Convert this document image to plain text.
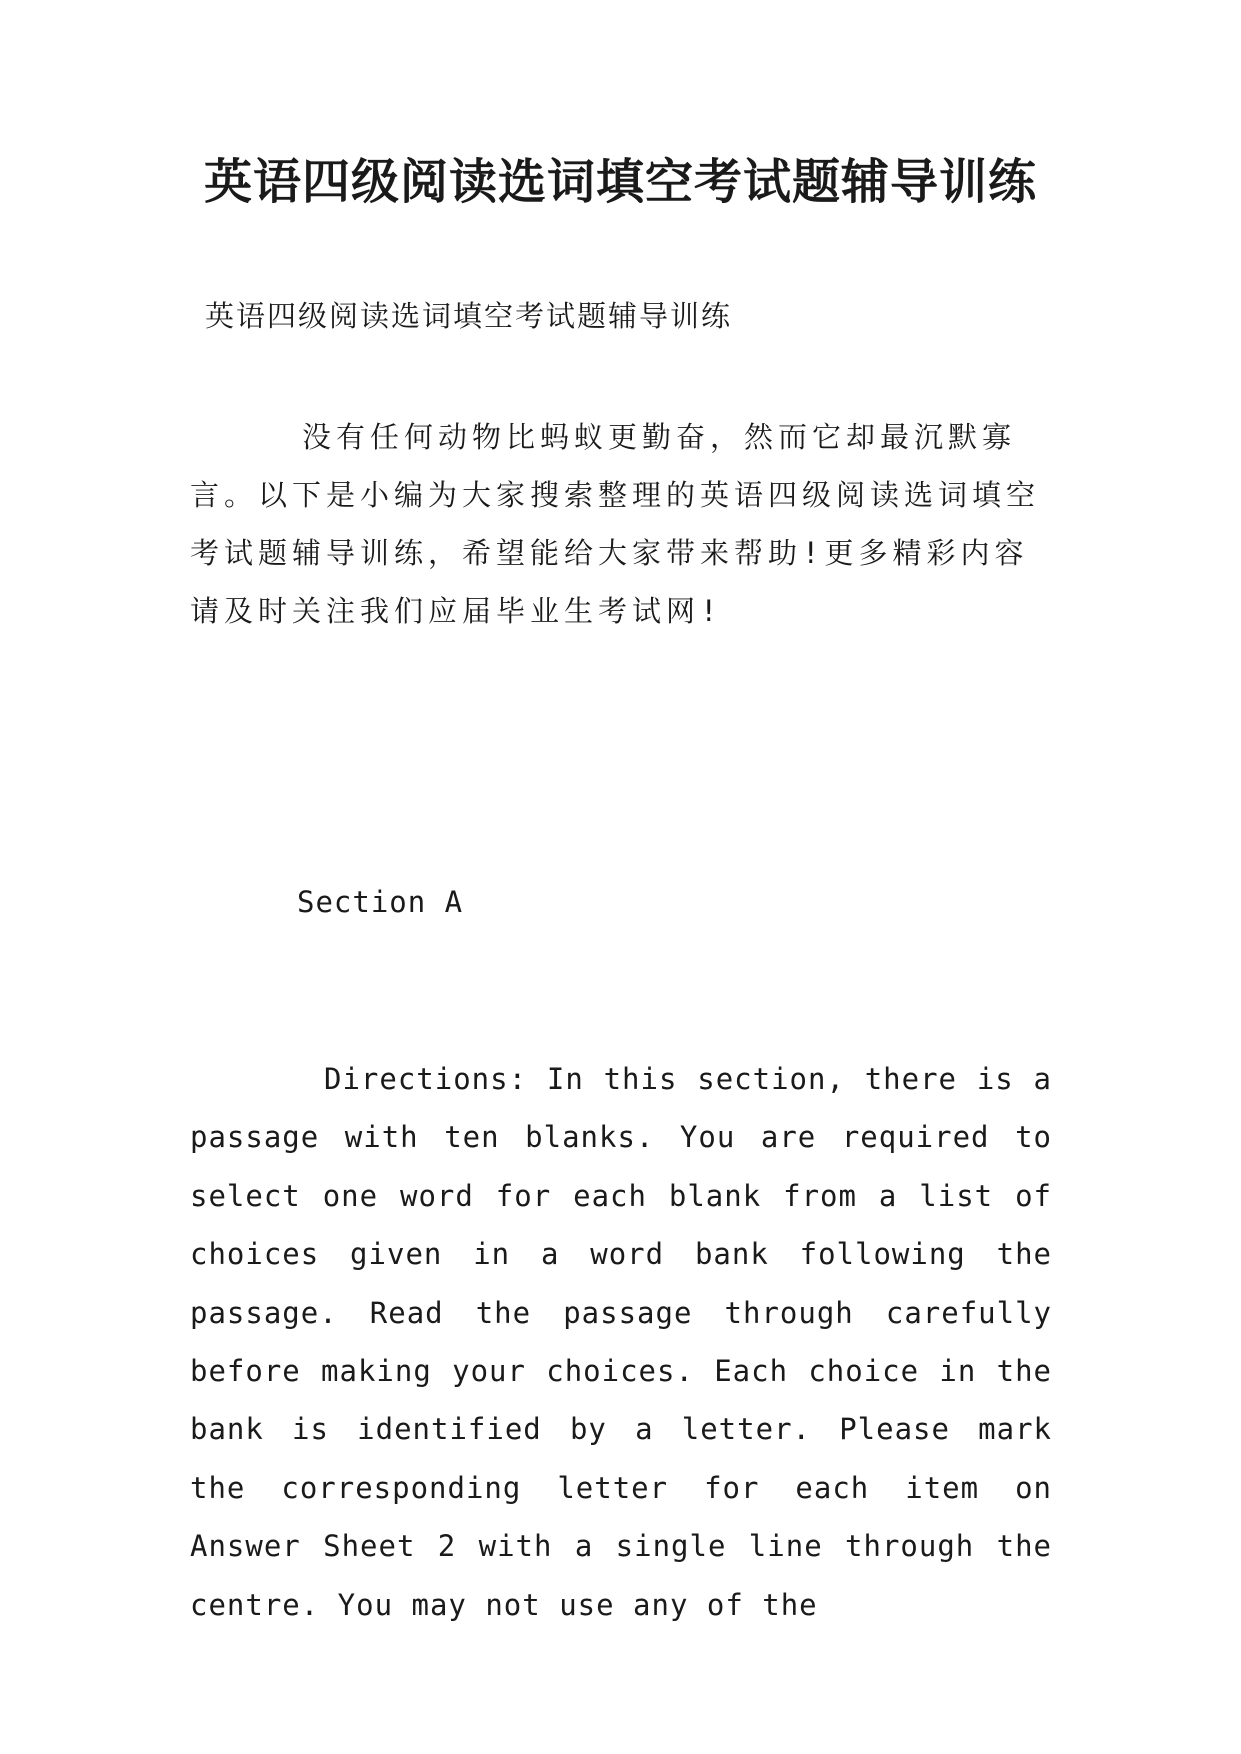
英语四级阅读选词填空考试题辅导训练

英语四级阅读选词填空考试题辅导训练

没有任何动物比蚂蚁更勤奋，然而它却最沉默寡言。以下是小编为大家搜索整理的英语四级阅读选词填空考试题辅导训练，希望能给大家带来帮助!更多精彩内容请及时关注我们应届毕业生考试网!

Section A

Directions: In this section, there is a passage with ten blanks. You are required to select one word for each blank from a list of choices given in a word bank following the passage. Read the passage through carefully before making your choices. Each choice in the bank is identified by a letter. Please mark the corresponding letter for each item on Answer Sheet 2 with a single line through the centre. You may not use any of the
